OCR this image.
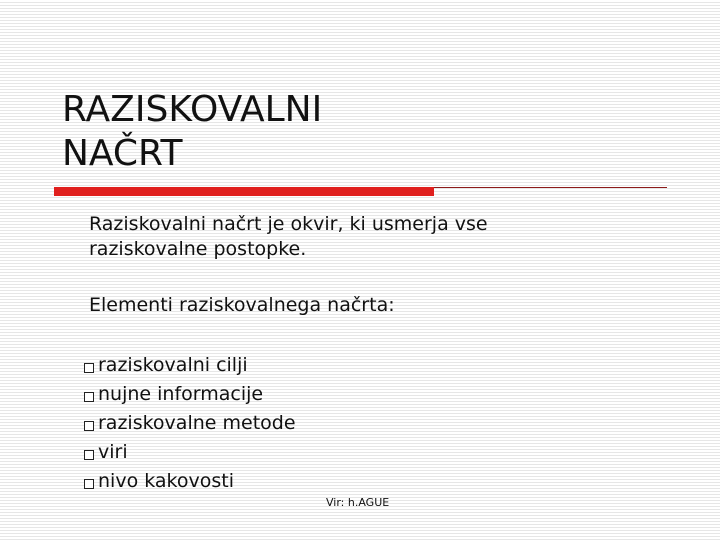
RAZISKOVALNI
NAČRT
Raziskovalni načrt je okvir, ki usmerja vse
raziskovalne postopke.
Elementi raziskovalnega načrta:
raziskovalni cilji
nujne informacije
raziskovalne metode
viri
nivo kakovosti
Vir: h.AGUE
